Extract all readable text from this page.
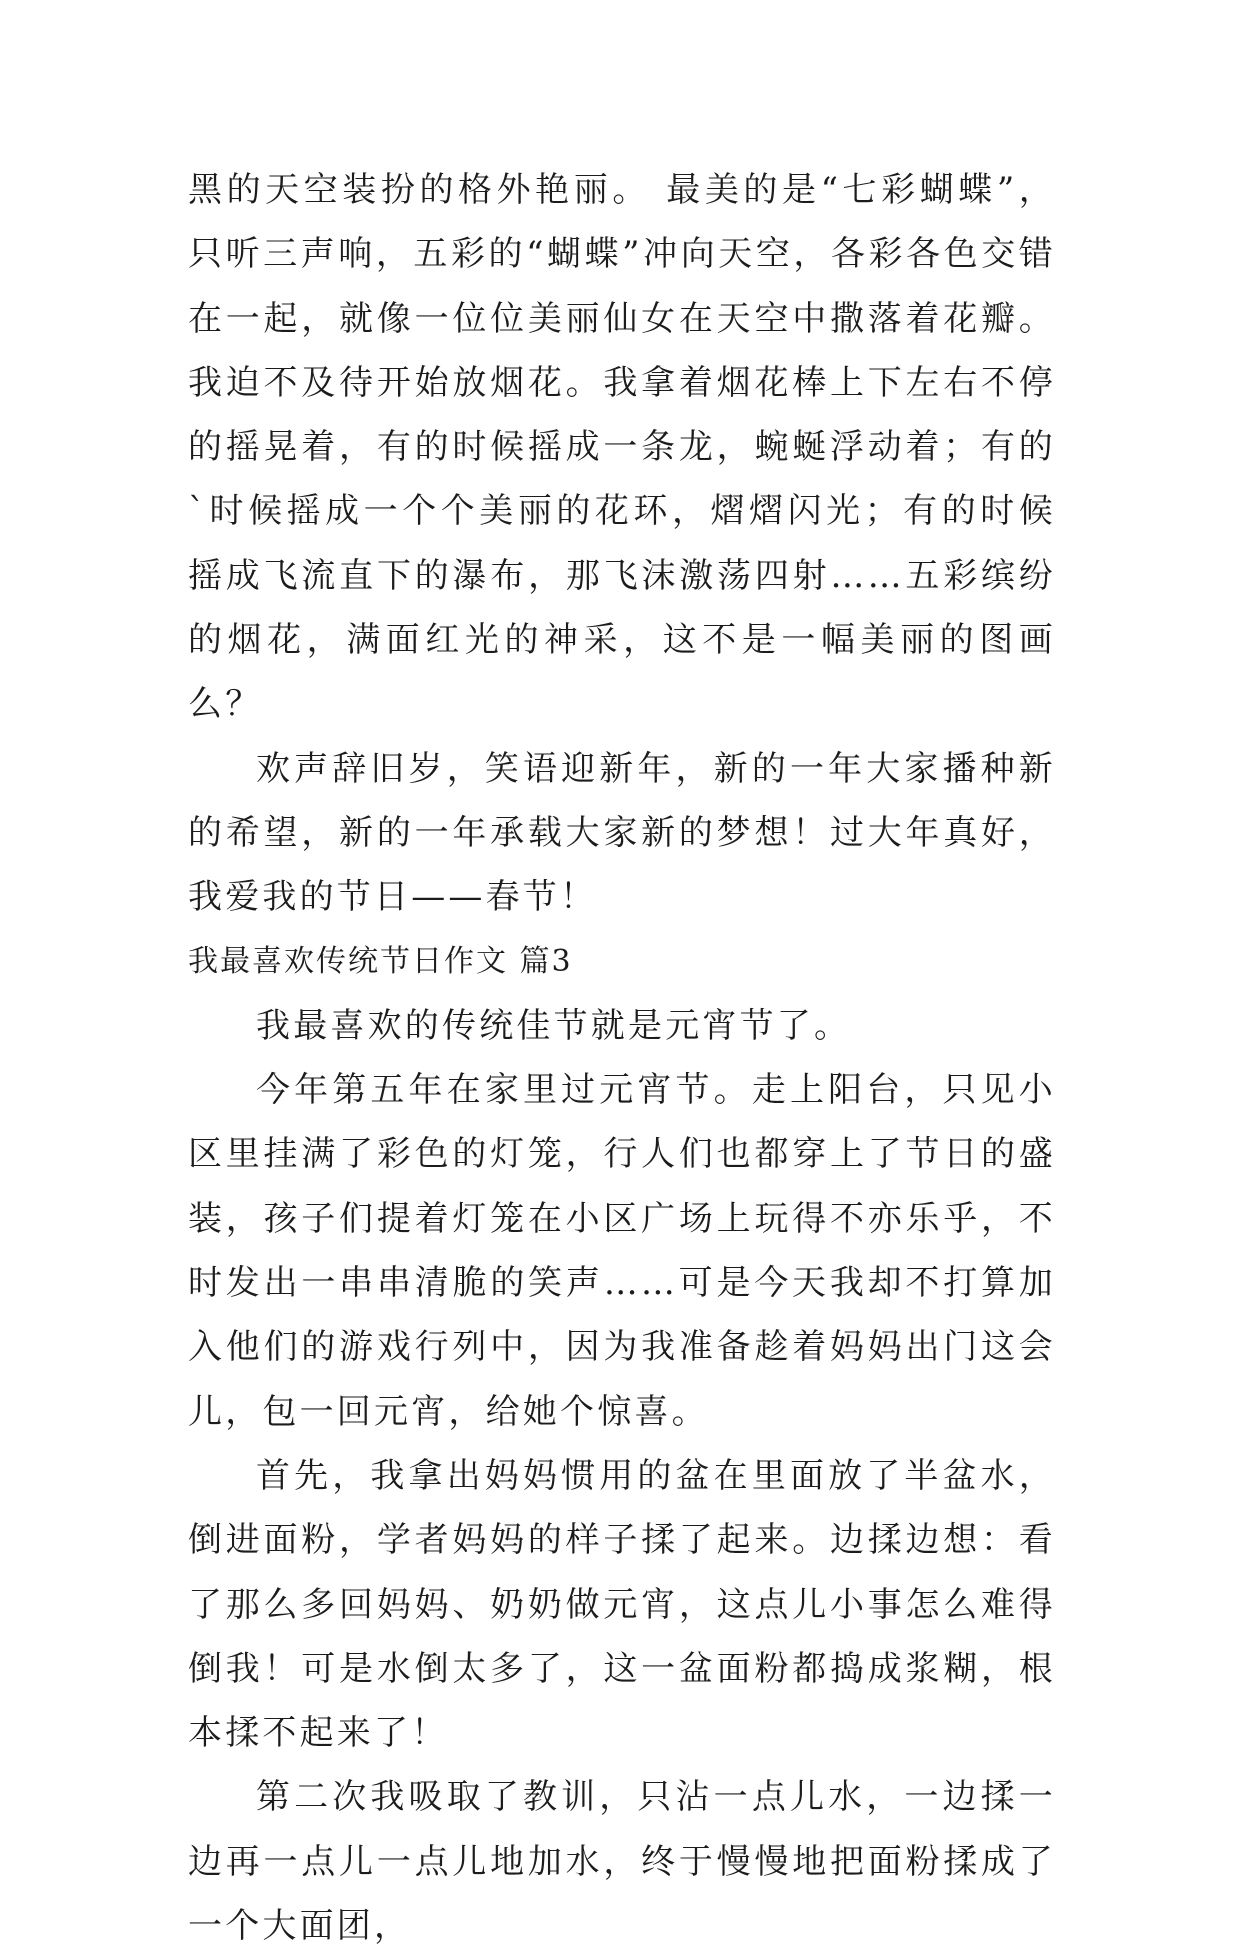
黑的天空装扮的格外艳丽。 最美的是“七彩蝴蝶”，只听三声响，五彩的“蝴蝶”冲向天空，各彩各色交错在一起，就像一位位美丽仙女在天空中撒落着花瓣。我迫不及待开始放烟花。我拿着烟花棒上下左右不停的摇晃着，有的时候摇成一条龙，蜿蜒浮动着；有的`时候摇成一个个美丽的花环，熠熠闪光；有的时候摇成飞流直下的瀑布，那飞沫激荡四射……五彩缤纷的烟花，满面红光的神采，这不是一幅美丽的图画么？

欢声辞旧岁，笑语迎新年，新的一年大家播种新的希望，新的一年承载大家新的梦想！过大年真好，我爱我的节日——春节！

我最喜欢传统节日作文 篇3

我最喜欢的传统佳节就是元宵节了。

今年第五年在家里过元宵节。走上阳台，只见小区里挂满了彩色的灯笼，行人们也都穿上了节日的盛装，孩子们提着灯笼在小区广场上玩得不亦乐乎，不时发出一串串清脆的笑声……可是今天我却不打算加入他们的游戏行列中，因为我准备趁着妈妈出门这会儿，包一回元宵，给她个惊喜。

首先，我拿出妈妈惯用的盆在里面放了半盆水，倒进面粉，学者妈妈的样子揉了起来。边揉边想：看了那么多回妈妈、奶奶做元宵，这点儿小事怎么难得倒我！可是水倒太多了，这一盆面粉都捣成浆糊，根本揉不起来了！

第二次我吸取了教训，只沾一点儿水，一边揉一边再一点儿一点儿地加水，终于慢慢地把面粉揉成了一个大面团，
